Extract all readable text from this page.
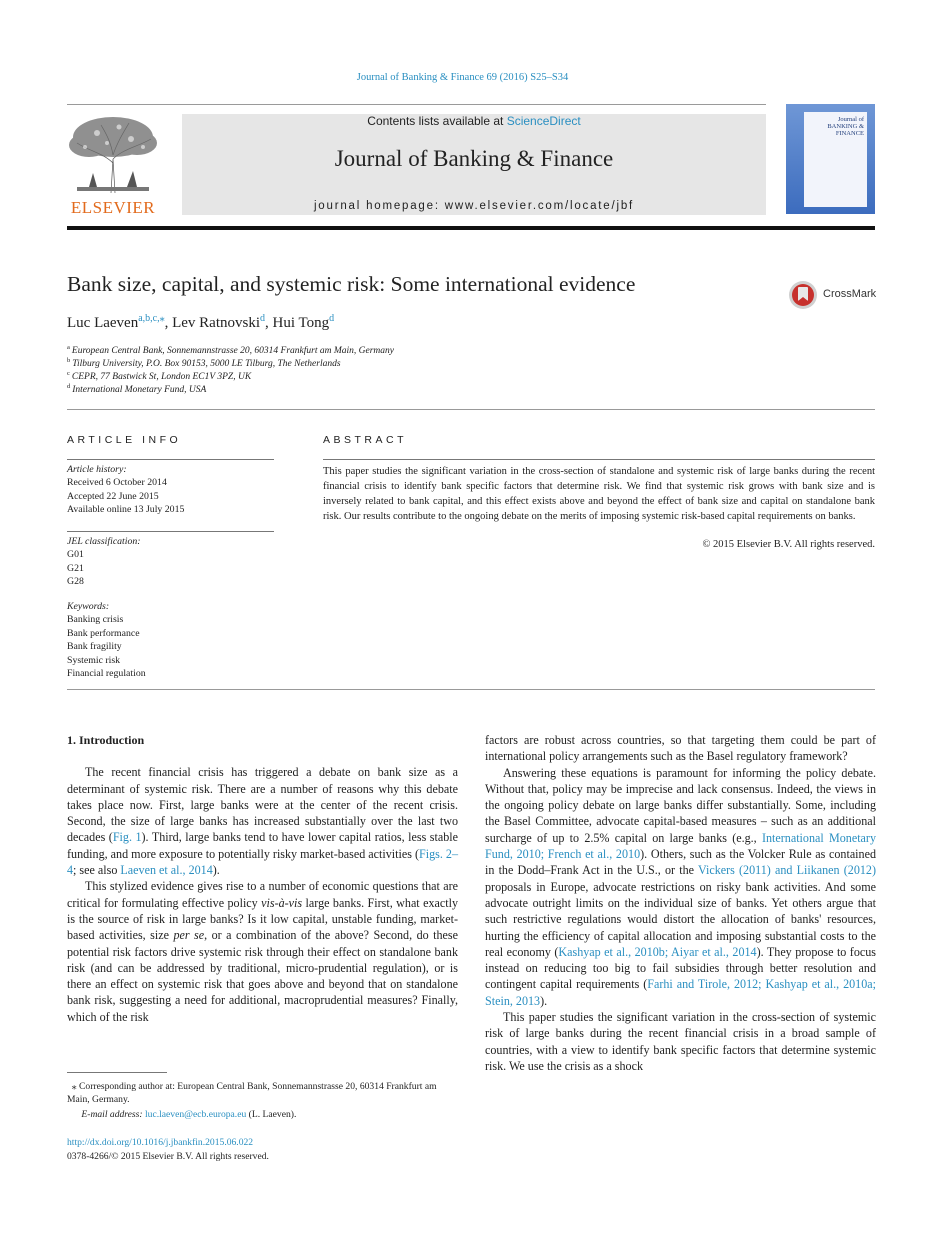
Journal of Banking & Finance 69 (2016) S25–S34
ELSEVIER
Contents lists available at ScienceDirect
Journal of Banking & Finance
journal homepage: www.elsevier.com/locate/jbf
Journal of BANKING & FINANCE
Bank size, capital, and systemic risk: Some international evidence	CrossMark
Luc Laeven$^{a,b,c,⁎}$, Lev Ratnovski$^d$, Hui Tong$^d$
$^a$ European Central Bank, Sonnemannstrasse 20, 60314 Frankfurt am Main, Germany
$^b$ Tilburg University, P.O. Box 90153, 5000 LE Tilburg, The Netherlands
$^c$ CEPR, 77 Bastwick St, London EC1V 3PZ, UK
$^d$ International Monetary Fund, USA
ARTICLE INFO
Article history:
Received 6 October 2014
Accepted 22 June 2015
Available online 13 July 2015
JEL classification:
G01
G21
G28
Keywords:
Banking crisis
Bank performance
Bank fragility
Systemic risk
Financial regulation
ABSTRACT
This paper studies the significant variation in the cross-section of standalone and systemic risk of large banks during the recent financial crisis to identify bank specific factors that determine risk. We find that systemic risk grows with bank size and is inversely related to bank capital, and this effect exists above and beyond the effect of bank size and capital on standalone bank risk. Our results contribute to the ongoing debate on the merits of imposing systemic risk-based capital requirements on banks.
© 2015 Elsevier B.V. All rights reserved.

1. Introduction

The recent financial crisis has triggered a debate on bank size as a determinant of systemic risk. There are a number of reasons why this debate takes place now. First, large banks were at the center of the recent crisis. Second, the size of large banks has increased substantially over the last two decades (Fig. 1). Third, large banks tend to have lower capital ratios, less stable funding, and more exposure to potentially risky market-based activities (Figs. 2–4; see also Laeven et al., 2014).

This stylized evidence gives rise to a number of economic questions that are critical for formulating effective policy vis-à-vis large banks. First, what exactly is the source of risk in large banks? Is it low capital, unstable funding, market-based activities, size per se, or a combination of the above? Second, do these potential risk factors drive systemic risk through their effect on standalone bank risk (and can be addressed by traditional, micro-prudential regulation), or is there an effect on systemic risk that goes above and beyond that on standalone bank risk, suggesting a need for additional, macroprudential measures? Finally, which of the risk

factors are robust across countries, so that targeting them could be part of international policy arrangements such as the Basel regulatory framework?

Answering these equations is paramount for informing the policy debate. Without that, policy may be imprecise and lack consensus. Indeed, the views in the ongoing policy debate on large banks differ substantially. Some, including the Basel Committee, advocate capital-based measures – such as an additional surcharge of up to 2.5% capital on large banks (e.g., International Monetary Fund, 2010; French et al., 2010). Others, such as the Volcker Rule as contained in the Dodd–Frank Act in the U.S., or the Vickers (2011) and Liikanen (2012) proposals in Europe, advocate restrictions on risky bank activities. And some advocate outright limits on the individual size of banks. Yet others argue that such restrictive regulations would distort the allocation of banks' resources, hurting the efficiency of capital allocation and imposing substantial costs to the real economy (Kashyap et al., 2010b; Aiyar et al., 2014). They propose to focus instead on reducing too big to fail subsidies through better resolution and contingent capital requirements (Farhi and Tirole, 2012; Kashyap et al., 2010a; Stein, 2013).

This paper studies the significant variation in the cross-section of systemic risk of large banks during the recent financial crisis in a broad sample of countries, with a view to identify bank specific factors that determine systemic risk. We use the crisis as a shock

⁎ Corresponding author at: European Central Bank, Sonnemannstrasse 20, 60314 Frankfurt am Main, Germany.
E-mail address: luc.laeven@ecb.europa.eu (L. Laeven).
http://dx.doi.org/10.1016/j.jbankfin.2015.06.022
0378-4266/© 2015 Elsevier B.V. All rights reserved.
